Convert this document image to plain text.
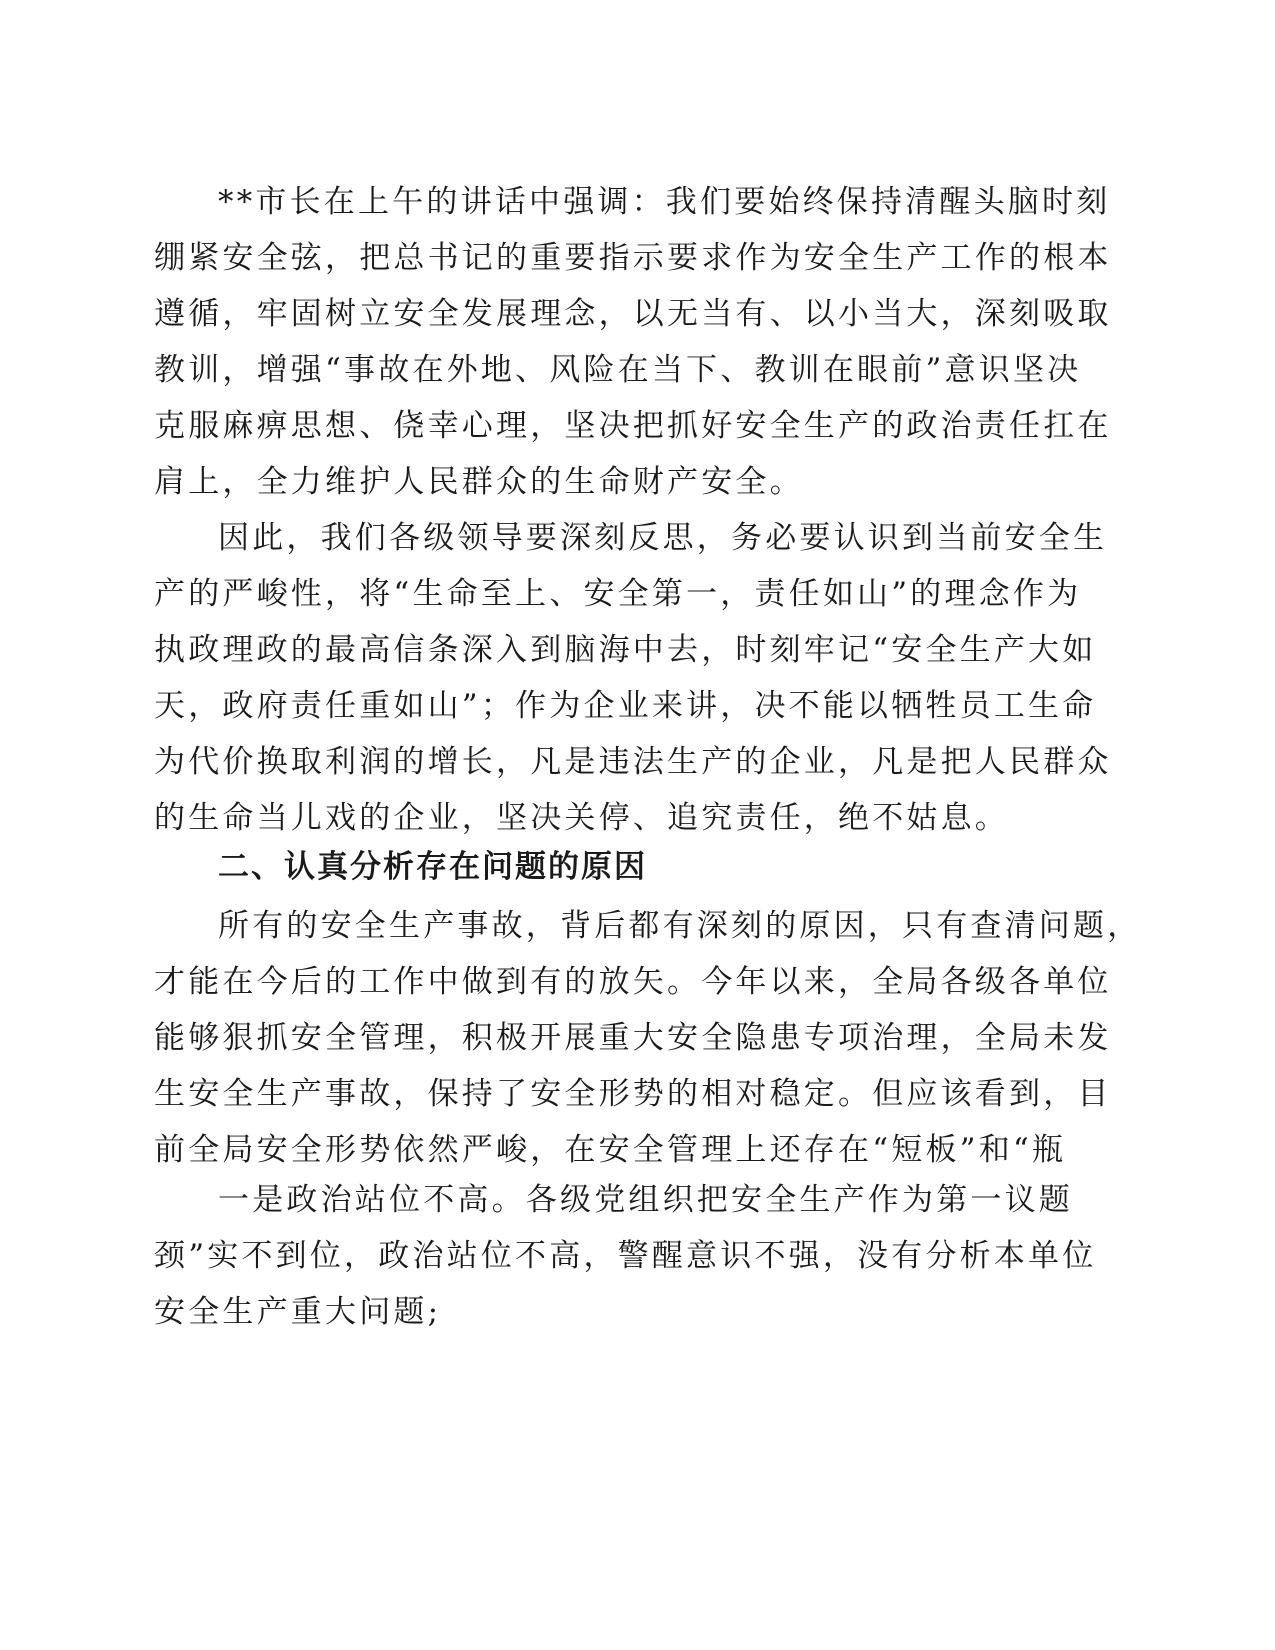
**市长在上午的讲话中强调：我们要始终保持清醒头脑时刻
绷紧安全弦，把总书记的重要指示要求作为安全生产工作的根本
遵循，牢固树立安全发展理念，以无当有、以小当大，深刻吸取
教训，增强“事故在外地、风险在当下、教训在眼前”意识坚决
克服麻痹思想、侥幸心理，坚决把抓好安全生产的政治责任扛在
肩上，全力维护人民群众的生命财产安全。
因此，我们各级领导要深刻反思，务必要认识到当前安全生
产的严峻性，将“生命至上、安全第一，责任如山”的理念作为
执政理政的最高信条深入到脑海中去，时刻牢记“安全生产大如
天，政府责任重如山”；作为企业来讲，决不能以牺牲员工生命
为代价换取利润的增长，凡是违法生产的企业，凡是把人民群众
的生命当儿戏的企业，坚决关停、追究责任，绝不姑息。
二、认真分析存在问题的原因
所有的安全生产事故，背后都有深刻的原因，只有查清问题，
才能在今后的工作中做到有的放矢。今年以来，全局各级各单位
能够狠抓安全管理，积极开展重大安全隐患专项治理，全局未发
生安全生产事故，保持了安全形势的相对稳定。但应该看到，目
前全局安全形势依然严峻，在安全管理上还存在“短板”和“瓶
一是政治站位不高。各级党组织把安全生产作为第一议题
颈”实不到位，政治站位不高，警醒意识不强，没有分析本单位
安全生产重大问题;
